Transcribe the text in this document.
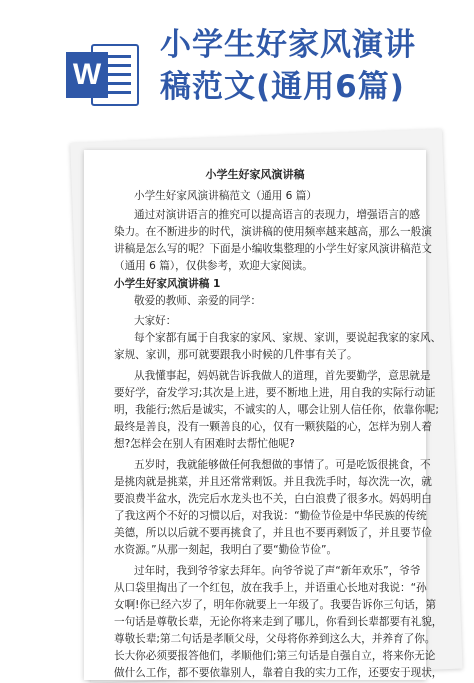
W
小学生好家风演讲
稿范文(通用6篇)
小学生好家风演讲稿
小学生好家风演讲稿范文（通用 6 篇）
通过对演讲语言的推究可以提高语言的表现力，增强语言的感
染力。在不断进步的时代，演讲稿的使用频率越来越高，那么一般演
讲稿是怎么写的呢？下面是小编收集整理的小学生好家风演讲稿范文
（通用 6 篇），仅供参考，欢迎大家阅读。
小学生好家风演讲稿 1
敬爱的教师、亲爱的同学：
大家好：
每个家都有属于自我家的家风、家规、家训，要说起我家的家风、
家规、家训，那可就要跟我小时候的几件事有关了。
从我懂事起，妈妈就告诉我做人的道理，首先要勤学，意思就是
要好学，奋发学习;其次是上进，要不断地上进，用自我的实际行动证
明，我能行;然后是诚实，不诚实的人，哪会让别人信任你，依靠你呢;
最终是善良，没有一颗善良的心，仅有一颗狭隘的心，怎样为别人着
想?怎样会在别人有困难时去帮忙他呢?
五岁时，我就能够做任何我想做的事情了。可是吃饭很挑食，不
是挑肉就是挑菜，并且还常常剩饭。并且我洗手时，每次洗一次，就
要浪费半盆水，洗完后水龙头也不关，白白浪费了很多水。妈妈明白
了我这两个不好的习惯以后，对我说：“勤俭节俭是中华民族的传统
美德，所以以后就不要再挑食了，并且也不要再剩饭了，并且要节俭
水资源。”从那一刻起，我明白了要“勤俭节俭”。
过年时，我到爷爷家去拜年。向爷爷说了声“新年欢乐”，爷爷
从口袋里掏出了一个红包，放在我手上，并语重心长地对我说：“孙
女啊!你已经六岁了，明年你就要上一年级了。我要告诉你三句话，第
一句话是尊敬长辈，无论你将来走到了哪儿，你看到长辈都要有礼貌，
尊敬长辈;第二句话是孝顺父母，父母将你养到这么大，并养育了你。
长大你必须要报答他们，孝顺他们;第三句话是自强自立，将来你无论
做什么工作，都不要依靠别人，靠着自我的实力工作，还要安于现状，
